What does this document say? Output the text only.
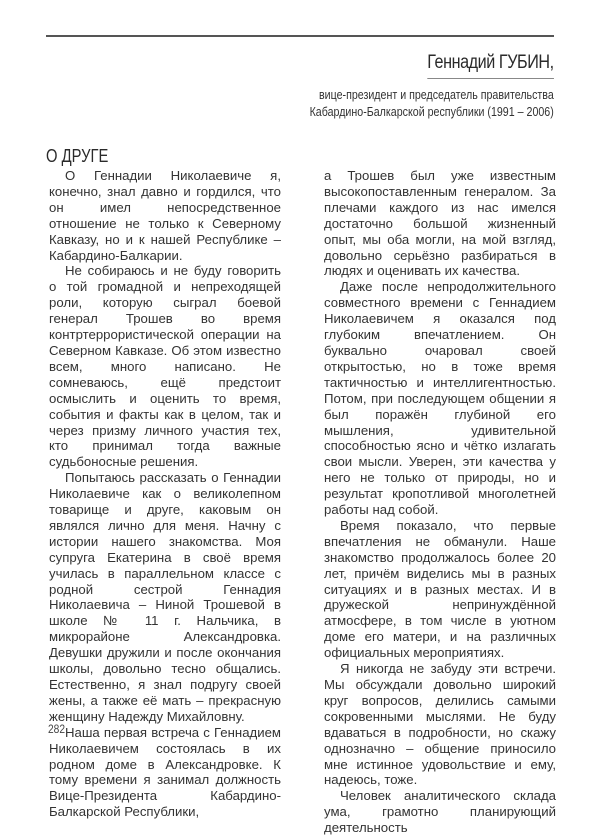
Геннадий ГУБИН,
вице-президент и председатель правительства
Кабардино-Балкарской республики (1991 – 2006)
О ДРУГЕ

О Геннадии Николаевиче я, конечно, знал давно и гордился, что он имел непосредственное отношение не только к Северному Кавказу, но и к нашей Республике – Кабардино-Балкарии.

Не собираюсь и не буду говорить о той громадной и непреходящей роли, которую сыграл боевой генерал Трошев во время контртеррористической операции на Северном Кавказе. Об этом известно всем, много написано. Не сомневаюсь, ещё предстоит осмыслить и оценить то время, события и факты как в целом, так и через призму личного участия тех, кто принимал тогда важные судьбоносные решения.

Попытаюсь рассказать о Геннадии Николаевиче как о великолепном товарище и друге, каковым он являлся лично для меня. Начну с истории нашего знакомства. Моя супруга Екатерина в своё время училась в параллельном классе с родной сестрой Геннадия Николаевича – Ниной Трошевой в школе № 11 г. Нальчика, в микрорайоне Александровка. Девушки дружили и после окончания школы, довольно тесно общались. Естественно, я знал подругу своей жены, а также её мать – прекрасную женщину Надежду Михайловну.

Наша первая встреча с Геннадием Николаевичем состоялась в их родном доме в Александровке. К тому времени я занимал должность Вице-Президента Кабардино-Балкарской Республики,

а Трошев был уже известным высокопоставленным генералом. За плечами каждого из нас имелся достаточно большой жизненный опыт, мы оба могли, на мой взгляд, довольно серьёзно разбираться в людях и оценивать их качества.

Даже после непродолжительного совместного времени с Геннадием Николаевичем я оказался под глубоким впечатлением. Он буквально очаровал своей открытостью, но в тоже время тактичностью и интеллигентностью. Потом, при последующем общении я был поражён глубиной его мышления, удивительной способностью ясно и чётко излагать свои мысли. Уверен, эти качества у него не только от природы, но и результат кропотливой многолетней работы над собой.

Время показало, что первые впечатления не обманули. Наше знакомство продолжалось более 20 лет, причём виделись мы в разных ситуациях и в разных местах. И в дружеской непринуждённой атмосфере, в том числе в уютном доме его матери, и на различных официальных мероприятиях.

Я никогда не забуду эти встречи. Мы обсуждали довольно широкий круг вопросов, делились самыми сокровенными мыслями. Не буду вдаваться в подробности, но скажу однозначно – общение приносило мне истинное удовольствие и ему, надеюсь, тоже.

Человек аналитического склада ума, грамотно планирующий деятельность

282
